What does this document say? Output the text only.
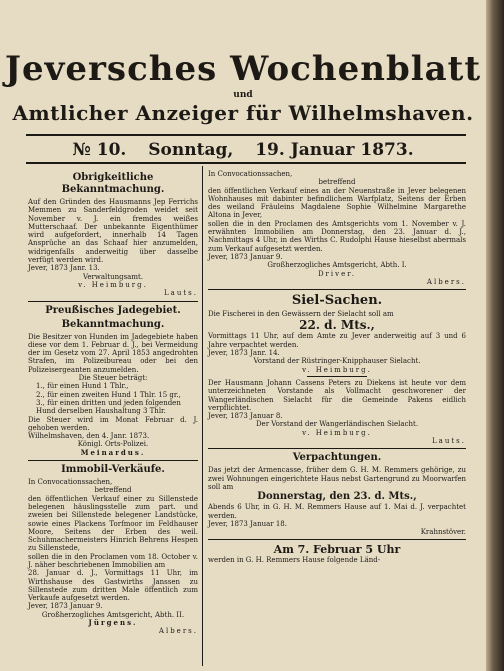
Jeversches Wochenblatt
und
Amtlicher Anzeiger für Wilhelmshaven.
№ 10. Sonntag, 19. Januar 1873.
Obrigkeitliche Bekanntmachung.

Auf den Gründen des Hausmanns Jep Ferrichs Memmen zu Sanderfeldgroden weidet seit November v. J. ein fremdes weißes Mutterschaaf. Der unbekannte Eigenthümer wird aufgefordert, innerhalb 14 Tagen Ansprüche an das Schaaf hier anzumelden, widrigenfalls anderweitig über dasselbe verfügt werden wird.

Jever, 1873 Janr. 13.
Verwaltungsamt.
v. Heimburg.
Lauts.
Preußisches Jadegebiet.
Bekanntmachung.

Die Besitzer von Hunden im Jadegebiete haben diese vor dem 1. Februar d. J., bei Vermeidung der im Gesetz vom 27. April 1853 angedrohten Strafen, im Polizeibureau oder bei den Polizeisergeanten anzumelden.

Die Steuer beträgt:
1., für einen Hund 1 Thlr.,
2., für einen zweiten Hund 1 Thlr. 15 gr.,
3., für einen dritten und jeden folgenden Hund derselben Haushaltung 3 Thlr.

Die Steuer wird im Monat Februar d. J. gehoben werden.

Wilhelmshaven, den 4. Janr. 1873.
Königl. Orts-Polizei.
Meinardus.
Immobil-Verkäufe.
In Convocationssachen,
betreffend

den öffentlichen Verkauf einer zu Sillenstede belegenen häuslingsstelle zum part. und zweien bei Sillenstede belegener Landstücke, sowie eines Plackens Torfmoor im Feldhauser Moore, Seitens der Erben des weil. Schuhmachermeisters Hinrich Behrens Hespen zu Sillenstede,

sollen die in den Proclamen vom 18. October v. J. näher beschriebenen Immobilien am

28. Januar d. J., Vormittags 11 Uhr, im Wirthshause des Gastwirths Janssen zu Sillenstede zum dritten Male öffentlich zum Verkaufe aufgesetzt werden.

Jever, 1873 Januar 9.
Großherzogliches Amtsgericht, Abth. II.
Jürgens.
Albers.
In Convocationssachen,
betreffend

den öffentlichen Verkauf eines an der Neuenstraße in Jever belegenen Wohnhauses mit dabinter befindlichem Warfplatz, Seitens der Erben des weiland Fräuleins Magdalene Sophie Wilhelmine Margarethe Altona in Jever,

sollen die in den Proclamen des Amtsgerichts vom 1. November v. J. erwähnten Immobilien am Donnerstag, den 23. Januar d. J., Nachmittags 4 Uhr, in des Wirths C. Rudolphi Hause hieselbst abermals zum Verkauf aufgesetzt werden.

Jever, 1873 Januar 9.
Großherzogliches Amtsgericht, Abth. I.
Driver.
Albers.
Siel-Sachen.

Die Fischerei in den Gewässern der Sielacht soll am

22. d. Mts.,

Vormittags 11 Uhr, auf dem Amte zu Jever anderweitig auf 3 und 6 Jahre verpachtet werden.

Jever, 1873 Janr. 14.
Vorstand der Rüstringer-Knipphauser Sielacht.
v. Heimburg.

Der Hausmann Johann Cassens Peters zu Diekens ist heute vor dem unterzeichneten Vorstande als Vollmacht geschworener der Wangerländischen Sielacht für die Gemeinde Pakens eidlich verpflichtet.

Jever, 1873 Januar 8.
Der Vorstand der Wangerländischen Sielacht.
v. Heimburg.
Lauts.
Verpachtungen.

Das jetzt der Armencasse, früher dem G. H. M. Remmers gehörige, zu zwei Wohnungen eingerichtete Haus nebst Gartengrund zu Moorwarfen soll am

Donnerstag, den 23. d. Mts.,

Abends 6 Uhr, in G. H. M. Remmers Hause auf 1. Mai d. J. verpachtet werden.

Jever, 1873 Januar 18.
Krahnstöver.
Am 7. Februar 5 Uhr

werden in G. H. Remmers Hause folgende Länd-
